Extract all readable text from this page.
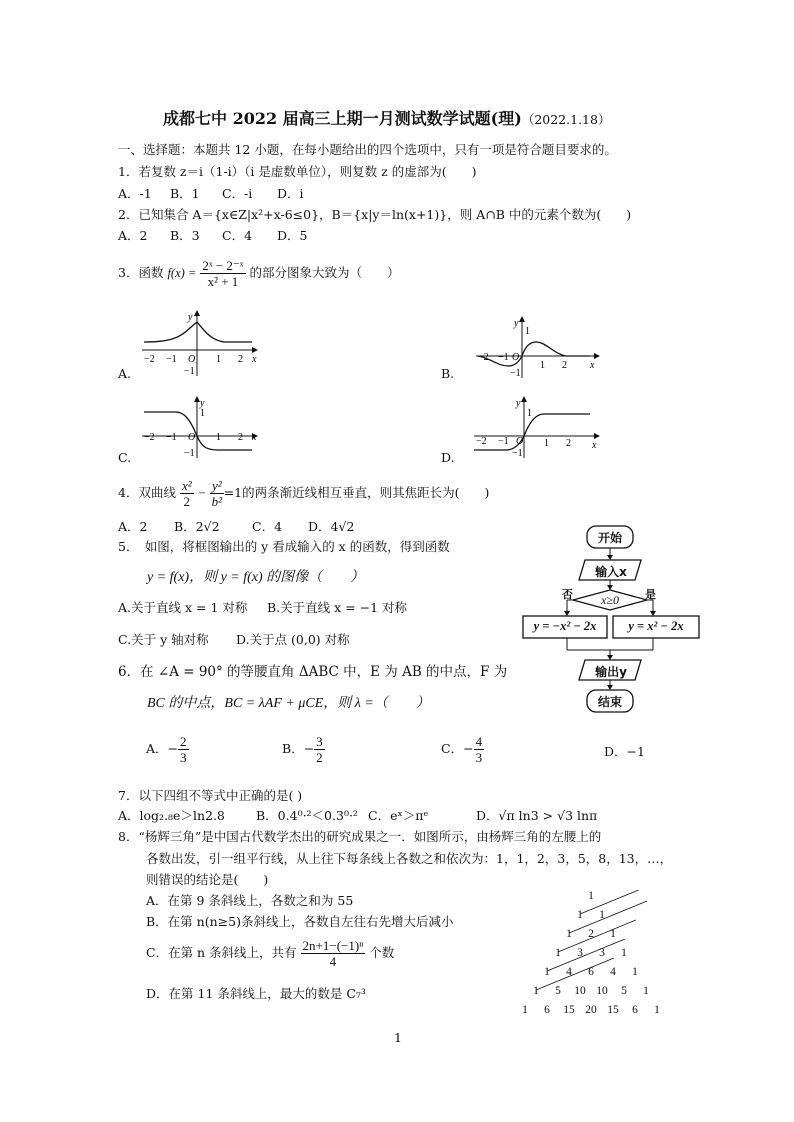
成都七中 2022 届高三上期一月测试数学试题(理)（2022.1.18）
一、选择题：本题共 12 小题，在每小题给出的四个选项中，只有一项是符合题目要求的。
1．若复数 z＝i（1-i）（i 是虚数单位），则复数 z 的虚部为(　　)
A．-1 B．1 C．-i D．i
2．已知集合 A＝{x∈Z|x²+x-6≤0}，B＝{x|y＝ln(x+1)}，则 A∩B 中的元素个数为(　　)
A．2 B．3 C．4 D．5
3．函数 $f(x) = \frac{\text{2ˣ − 2⁻ˣ}}{\text{x² + 1}}$ 的部分图象大致为（　　）
y
x
−2 −1 O 1 2
−1
A.
y
1
x
−2 −1 O
1 2
−1
B.
y
1
x
−2 −1 O 1 2
−1
C.
y
1
x
−2 −1 O 1 2
−1
D.
4．双曲线 $\frac{\text{x²}}{2} - \frac{\text{y²}}{\text{b²}} =1$的两条渐近线相互垂直，则其焦距长为(　　)
A．2 B．2√2	C．4 D．4√2
5．　如图，将框图输出的 y 看成输入的 x 的函数，得到函数
y = f(x)，则 y = f(x) 的图像（　　）
A.关于直线 x = 1 对称 B.关于直线 x = −1 对称
C.关于 y 轴对称 D.关于点 (0,0) 对称
开始
输入x
x≥0
否	是
y = −x² − 2x	y = x² − 2x
输出y
结束
6．在 ∠A = 90° 的等腰直角 ΔABC 中，E 为 AB 的中点，F 为
BC 的中点，BC = λAF + μCE，则 λ =（　　）
A．− $\frac{2}{3}$	B．− $\frac{3}{2}$	C．− $\frac{4}{3}$	D．−1
7．以下四组不等式中正确的是( )
A．log₂.₈e＞ln2.8 B．0.4⁰·²＜0.3⁰·² C．eˣ＞πᵉ	D．√π ln3 > √3 lnπ
8．“杨辉三角”是中国古代数学杰出的研究成果之一．如图所示，由杨辉三角的左腰上的
各数出发，引一组平行线，从上往下每条线上各数之和依次为：1，1，2，3，5，8，13，…，
则错误的结论是(　　)
A．在第 9 条斜线上，各数之和为 55
B．在第 n(n≥5)条斜线上，各数自左往右先增大后减小
C．在第 n 条斜线上，共有 $\frac{\text{2n+1−(−1)ⁿ}}{4}$ 个数
D．在第 11 条斜线上，最大的数是 C₇³
1
1	1
1	2	1
1	3	3	1
1	4	6	4	1
1	5	10 10	5	1
1	6	15 20 15	6	1
1
